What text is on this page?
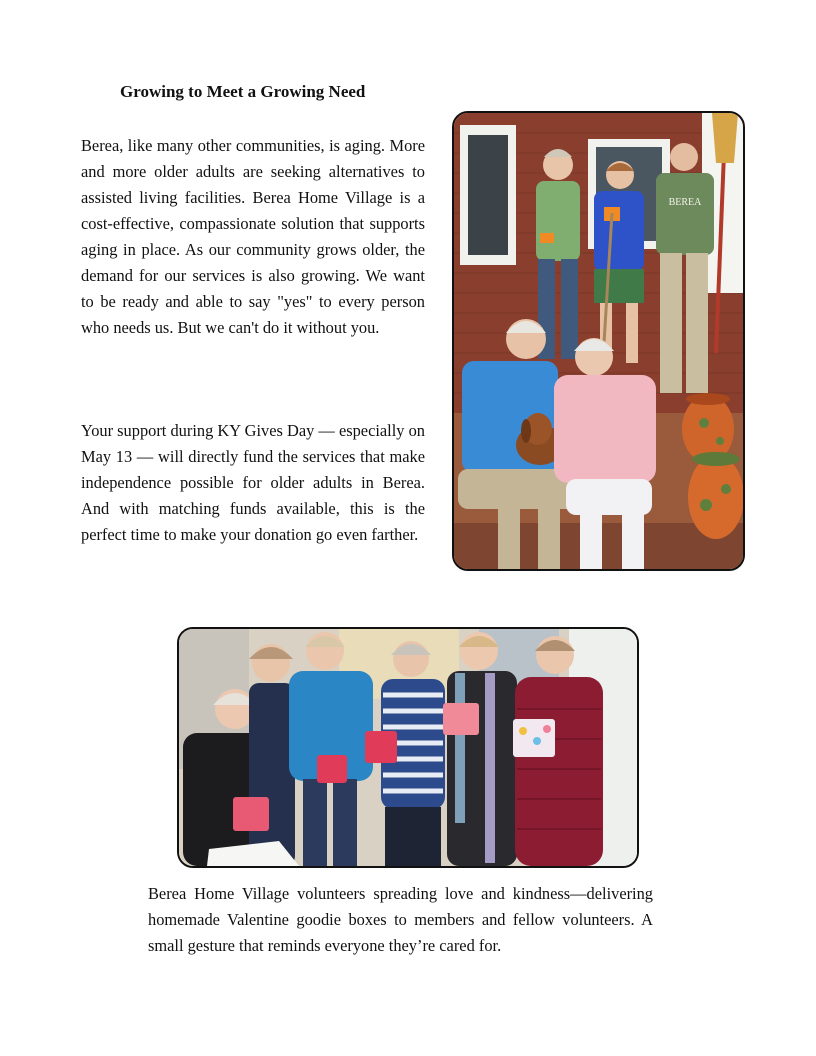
Growing to Meet a Growing Need

Berea, like many other communities, is aging. More and more older adults are seeking alternatives to assisted living facilities. Berea Home Village is a cost-effective, compassionate solution that supports aging in place. As our community grows older, the demand for our services is also growing. We want to be ready and able to say "yes" to every person who needs us. But we can't do it without you.

Your support during KY Gives Day — especially on May 13 — will directly fund the services that make independence possible for older adults in Berea. And with matching funds available, this is the perfect time to make your donation go even farther.

BEREA

Berea Home Village volunteers spreading love and kindness—delivering homemade Valentine goodie boxes to members and fellow volunteers. A small gesture that reminds everyone they’re cared for.
